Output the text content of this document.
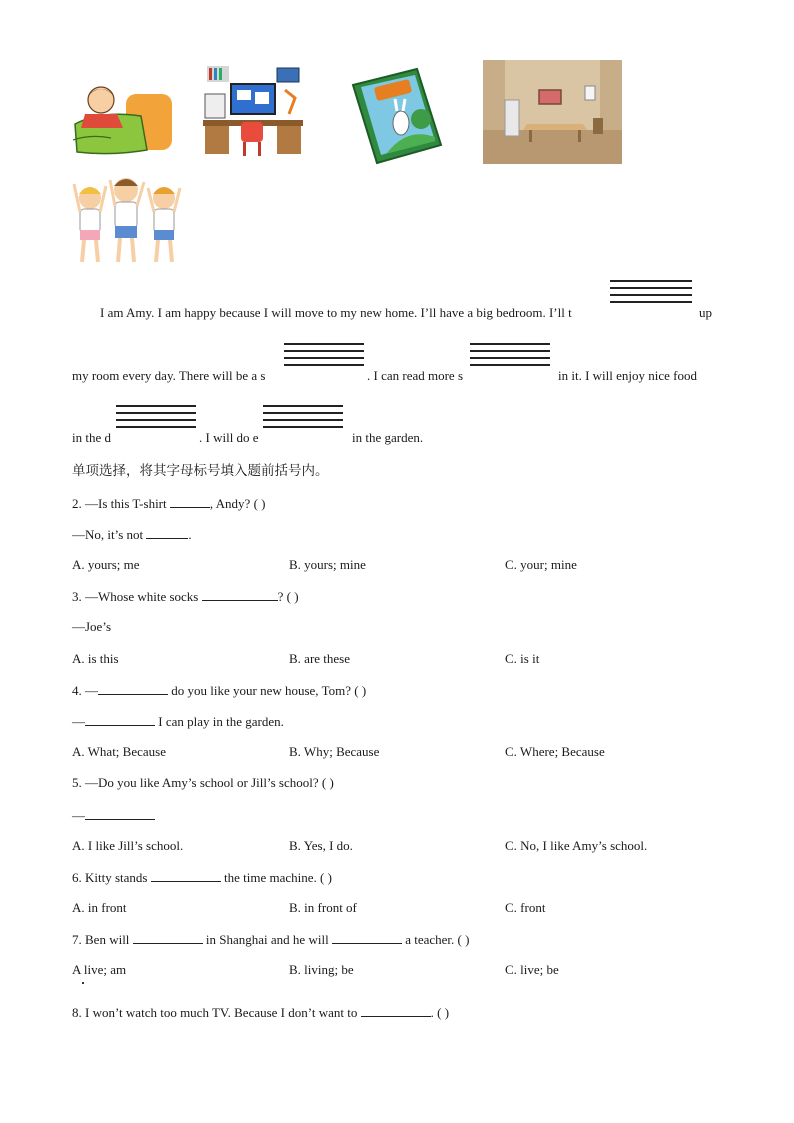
I am Amy. I am happy because I will move to my new home. I’ll have a big bedroom. I’ll t	up
my room every day. There will be a s	. I can read more s	in it. I will enjoy nice food
in the d	. I will do e	in the garden.
单项选择，将其字母标号填入题前括号内。
2. —Is this T-shirt	, Andy? ( )
—No, it’s not	.
A. yours; me	B. yours; mine	C. your; mine
3. —Whose white socks	? ( )
—Joe’s
A. is this	B. are these	C. is it
4. —	do you like your new house, Tom? ( )
—	I can play in the garden.
A. What; Because	B. Why; Because	C. Where; Because
5. —Do you like Amy’s school or Jill’s school? ( )
—
A. I like Jill’s school.	B. Yes, I do.	C. No, I like Amy’s school.
6. Kitty stands	the time machine. ( )
A. in front	B. in front of	C. front
7. Ben will	in Shanghai and he will	a teacher. ( )
A live; am	B. living; be	C. live; be
8. I won’t watch too much TV. Because I don’t want to	. ( )
